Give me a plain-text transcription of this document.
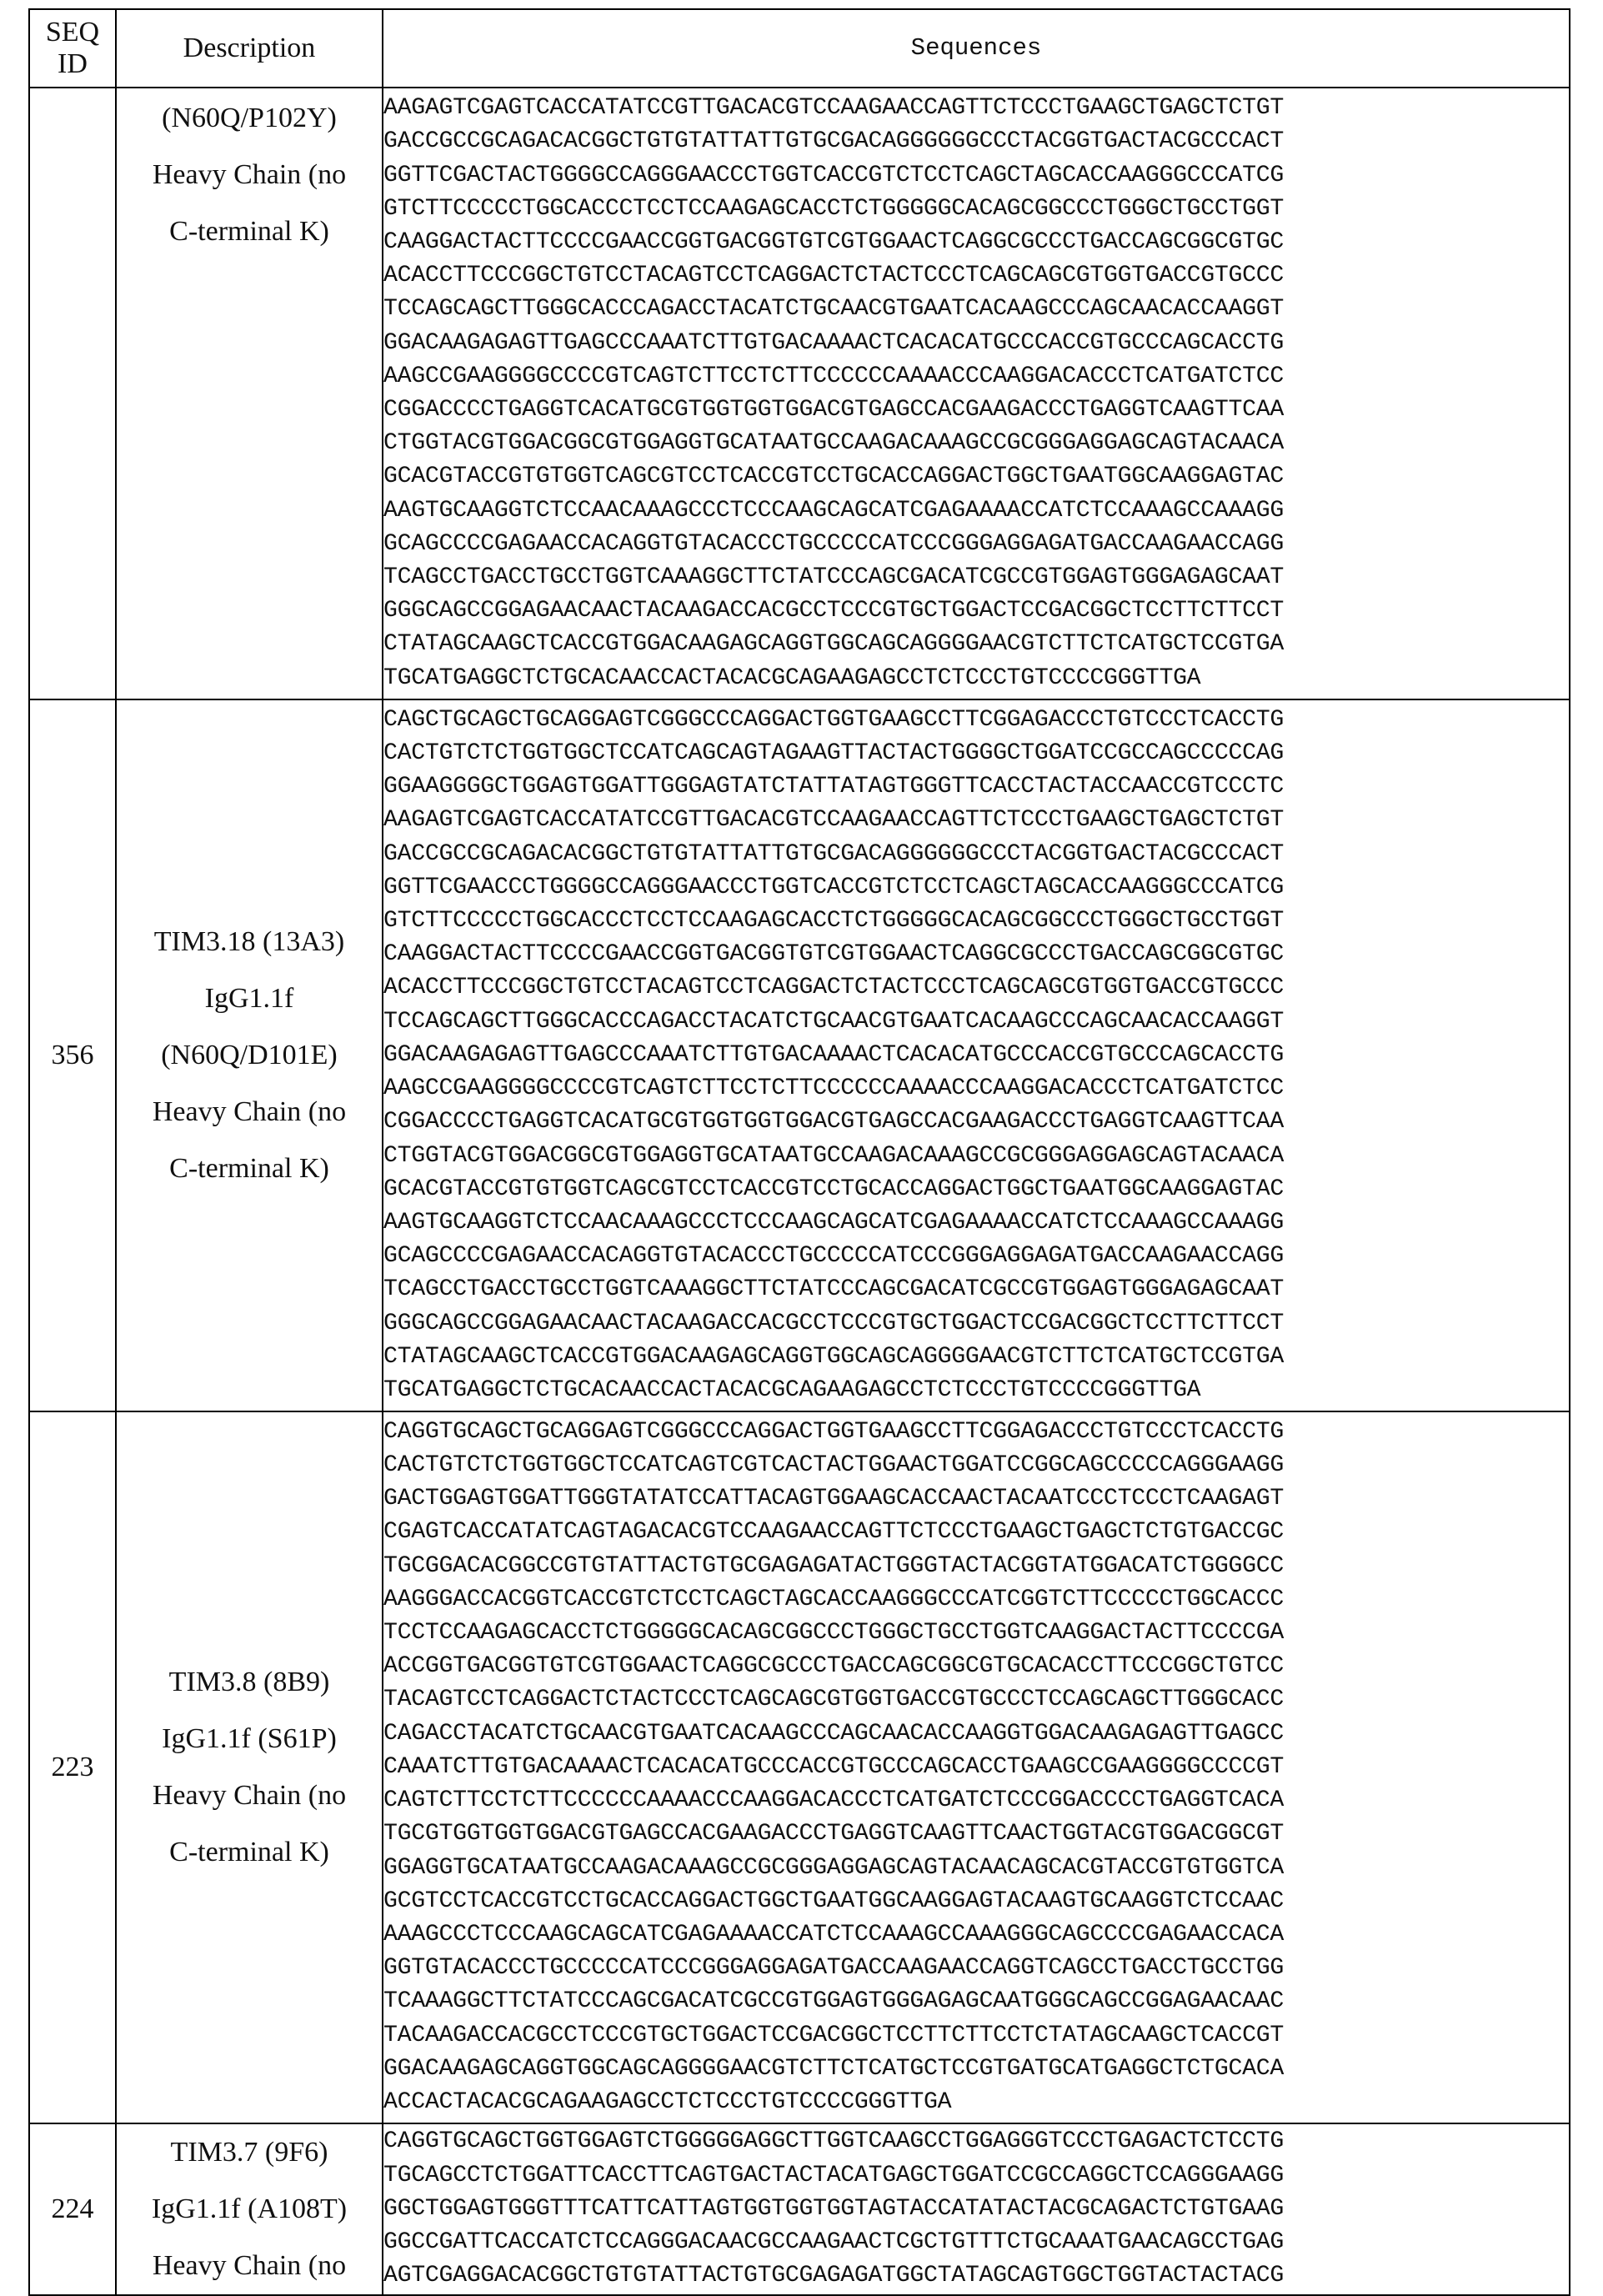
SEQ ID	Description	Sequences

(N60Q/P102Y)
Heavy Chain (no
C-terminal K)

AAGAGTCGAGTCACCATATCCGTTGACACGTCCAAGAACCAGTTCTCCCTGAAGCTGAGCTCTGT
GACCGCCGCAGACACGGCTGTGTATTATTGTGCGACAGGGGGGCCCTACGGTGACTACGCCCACT
GGTTCGACTACTGGGGCCAGGGAACCCTGGTCACCGTCTCCTCAGCTAGCACCAAGGGCCCATCG
GTCTTCCCCCTGGCACCCTCCTCCAAGAGCACCTCTGGGGGCACAGCGGCCCTGGGCTGCCTGGT
CAAGGACTACTTCCCCGAACCGGTGACGGTGTCGTGGAACTCAGGCGCCCTGACCAGCGGCGTGC
ACACCTTCCCGGCTGTCCTACAGTCCTCAGGACTCTACTCCCTCAGCAGCGTGGTGACCGTGCCC
TCCAGCAGCTTGGGCACCCAGACCTACATCTGCAACGTGAATCACAAGCCCAGCAACACCAAGGT
GGACAAGAGAGTTGAGCCCAAATCTTGTGACAAAACTCACACATGCCCACCGTGCCCAGCACCTG
AAGCCGAAGGGGCCCCGTCAGTCTTCCTCTTCCCCCCAAAACCCAAGGACACCCTCATGATCTCC
CGGACCCCTGAGGTCACATGCGTGGTGGTGGACGTGAGCCACGAAGACCCTGAGGTCAAGTTCAA
CTGGTACGTGGACGGCGTGGAGGTGCATAATGCCAAGACAAAGCCGCGGGAGGAGCAGTACAACA
GCACGTACCGTGTGGTCAGCGTCCTCACCGTCCTGCACCAGGACTGGCTGAATGGCAAGGAGTAC
AAGTGCAAGGTCTCCAACAAAGCCCTCCCAAGCAGCATCGAGAAAACCATCTCCAAAGCCAAAGG
GCAGCCCCGAGAACCACAGGTGTACACCCTGCCCCCATCCCGGGAGGAGATGACCAAGAACCAGG
TCAGCCTGACCTGCCTGGTCAAAGGCTTCTATCCCAGCGACATCGCCGTGGAGTGGGAGAGCAAT
GGGCAGCCGGAGAACAACTACAAGACCACGCCTCCCGTGCTGGACTCCGACGGCTCCTTCTTCCT
CTATAGCAAGCTCACCGTGGACAAGAGCAGGTGGCAGCAGGGGAACGTCTTCTCATGCTCCGTGA
TGCATGAGGCTCTGCACAACCACTACACGCAGAAGAGCCTCTCCCTGTCCCCGGGTTGA

356	
TIM3.18 (13A3)
IgG1.1f
(N60Q/D101E)
Heavy Chain (no
C-terminal K)

CAGCTGCAGCTGCAGGAGTCGGGCCCAGGACTGGTGAAGCCTTCGGAGACCCTGTCCCTCACCTG
CACTGTCTCTGGTGGCTCCATCAGCAGTAGAAGTTACTACTGGGGCTGGATCCGCCAGCCCCCAG
GGAAGGGGCTGGAGTGGATTGGGAGTATCTATTATAGTGGGTTCACCTACTACCAACCGTCCCTC
AAGAGTCGAGTCACCATATCCGTTGACACGTCCAAGAACCAGTTCTCCCTGAAGCTGAGCTCTGT
GACCGCCGCAGACACGGCTGTGTATTATTGTGCGACAGGGGGGCCCTACGGTGACTACGCCCACT
GGTTCGAACCCTGGGGCCAGGGAACCCTGGTCACCGTCTCCTCAGCTAGCACCAAGGGCCCATCG
GTCTTCCCCCTGGCACCCTCCTCCAAGAGCACCTCTGGGGGCACAGCGGCCCTGGGCTGCCTGGT
CAAGGACTACTTCCCCGAACCGGTGACGGTGTCGTGGAACTCAGGCGCCCTGACCAGCGGCGTGC
ACACCTTCCCGGCTGTCCTACAGTCCTCAGGACTCTACTCCCTCAGCAGCGTGGTGACCGTGCCC
TCCAGCAGCTTGGGCACCCAGACCTACATCTGCAACGTGAATCACAAGCCCAGCAACACCAAGGT
GGACAAGAGAGTTGAGCCCAAATCTTGTGACAAAACTCACACATGCCCACCGTGCCCAGCACCTG
AAGCCGAAGGGGCCCCGTCAGTCTTCCTCTTCCCCCCAAAACCCAAGGACACCCTCATGATCTCC
CGGACCCCTGAGGTCACATGCGTGGTGGTGGACGTGAGCCACGAAGACCCTGAGGTCAAGTTCAA
CTGGTACGTGGACGGCGTGGAGGTGCATAATGCCAAGACAAAGCCGCGGGAGGAGCAGTACAACA
GCACGTACCGTGTGGTCAGCGTCCTCACCGTCCTGCACCAGGACTGGCTGAATGGCAAGGAGTAC
AAGTGCAAGGTCTCCAACAAAGCCCTCCCAAGCAGCATCGAGAAAACCATCTCCAAAGCCAAAGG
GCAGCCCCGAGAACCACAGGTGTACACCCTGCCCCCATCCCGGGAGGAGATGACCAAGAACCAGG
TCAGCCTGACCTGCCTGGTCAAAGGCTTCTATCCCAGCGACATCGCCGTGGAGTGGGAGAGCAAT
GGGCAGCCGGAGAACAACTACAAGACCACGCCTCCCGTGCTGGACTCCGACGGCTCCTTCTTCCT
CTATAGCAAGCTCACCGTGGACAAGAGCAGGTGGCAGCAGGGGAACGTCTTCTCATGCTCCGTGA
TGCATGAGGCTCTGCACAACCACTACACGCAGAAGAGCCTCTCCCTGTCCCCGGGTTGA

223	
TIM3.8 (8B9)
IgG1.1f (S61P)
Heavy Chain (no
C-terminal K)

CAGGTGCAGCTGCAGGAGTCGGGCCCAGGACTGGTGAAGCCTTCGGAGACCCTGTCCCTCACCTG
CACTGTCTCTGGTGGCTCCATCAGTCGTCACTACTGGAACTGGATCCGGCAGCCCCCAGGGAAGG
GACTGGAGTGGATTGGGTATATCCATTACAGTGGAAGCACCAACTACAATCCCTCCCTCAAGAGT
CGAGTCACCATATCAGTAGACACGTCCAAGAACCAGTTCTCCCTGAAGCTGAGCTCTGTGACCGC
TGCGGACACGGCCGTGTATTACTGTGCGAGAGATACTGGGTACTACGGTATGGACATCTGGGGCC
AAGGGACCACGGTCACCGTCTCCTCAGCTAGCACCAAGGGCCCATCGGTCTTCCCCCTGGCACCC
TCCTCCAAGAGCACCTCTGGGGGCACAGCGGCCCTGGGCTGCCTGGTCAAGGACTACTTCCCCGA
ACCGGTGACGGTGTCGTGGAACTCAGGCGCCCTGACCAGCGGCGTGCACACCTTCCCGGCTGTCC
TACAGTCCTCAGGACTCTACTCCCTCAGCAGCGTGGTGACCGTGCCCTCCAGCAGCTTGGGCACC
CAGACCTACATCTGCAACGTGAATCACAAGCCCAGCAACACCAAGGTGGACAAGAGAGTTGAGCC
CAAATCTTGTGACAAAACTCACACATGCCCACCGTGCCCAGCACCTGAAGCCGAAGGGGCCCCGT
CAGTCTTCCTCTTCCCCCCAAAACCCAAGGACACCCTCATGATCTCCCGGACCCCTGAGGTCACA
TGCGTGGTGGTGGACGTGAGCCACGAAGACCCTGAGGTCAAGTTCAACTGGTACGTGGACGGCGT
GGAGGTGCATAATGCCAAGACAAAGCCGCGGGAGGAGCAGTACAACAGCACGTACCGTGTGGTCA
GCGTCCTCACCGTCCTGCACCAGGACTGGCTGAATGGCAAGGAGTACAAGTGCAAGGTCTCCAAC
AAAGCCCTCCCAAGCAGCATCGAGAAAACCATCTCCAAAGCCAAAGGGCAGCCCCGAGAACCACA
GGTGTACACCCTGCCCCCATCCCGGGAGGAGATGACCAAGAACCAGGTCAGCCTGACCTGCCTGG
TCAAAGGCTTCTATCCCAGCGACATCGCCGTGGAGTGGGAGAGCAATGGGCAGCCGGAGAACAAC
TACAAGACCACGCCTCCCGTGCTGGACTCCGACGGCTCCTTCTTCCTCTATAGCAAGCTCACCGT
GGACAAGAGCAGGTGGCAGCAGGGGAACGTCTTCTCATGCTCCGTGATGCATGAGGCTCTGCACA
ACCACTACACGCAGAAGAGCCTCTCCCTGTCCCCGGGTTGA

224	
TIM3.7 (9F6)
IgG1.1f (A108T)
Heavy Chain (no

CAGGTGCAGCTGGTGGAGTCTGGGGGAGGCTTGGTCAAGCCTGGAGGGTCCCTGAGACTCTCCTG
TGCAGCCTCTGGATTCACCTTCAGTGACTACTACATGAGCTGGATCCGCCAGGCTCCAGGGAAGG
GGCTGGAGTGGGTTTCATTCATTAGTGGTGGTGGTAGTACCATATACTACGCAGACTCTGTGAAG
GGCCGATTCACCATCTCCAGGGACAACGCCAAGAACTCGCTGTTTCTGCAAATGAACAGCCTGAG
AGTCGAGGACACGGCTGTGTATTACTGTGCGAGAGATGGCTATAGCAGTGGCTGGTACTACTACG
